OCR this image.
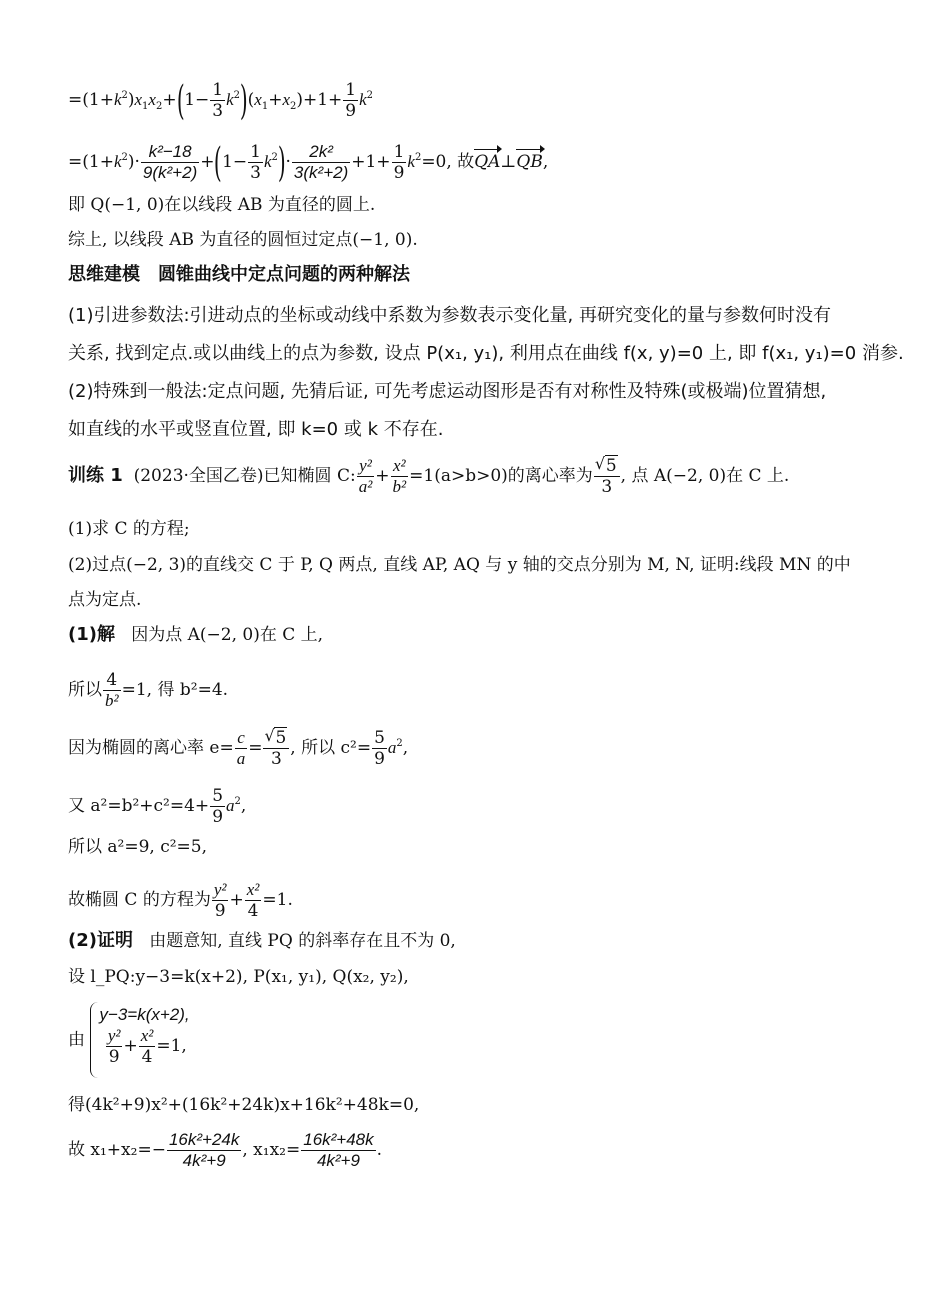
$=(1+k^2)x_1x_2+(1- \frac{1}{3} k^2)(x_1+x_2)+1+ \frac{1}{9} k^2$
$=(1+k^2)\cdot \frac{\text{k²−18}}{\text{9(k²+2)}} +(1- \frac{1}{3} k^2)\cdot \frac{\text{2k²}}{\text{3(k²+2)}} +1+ \frac{1}{9} k^2=0$, 故QA⊥QB,
即 Q(−1, 0)在以线段 AB 为直径的圆上.
综上, 以线段 AB 为直径的圆恒过定点(−1, 0).
思维建模　圆锥曲线中定点问题的两种解法
(1)引进参数法:引进动点的坐标或动线中系数为参数表示变化量, 再研究变化的量与参数何时没有
关系, 找到定点.或以曲线上的点为参数, 设点 P(x₁, y₁), 利用点在曲线 f(x, y)=0 上, 即 f(x₁, y₁)=0 消参.
(2)特殊到一般法:定点问题, 先猜后证, 可先考虑运动图形是否有对称性及特殊(或极端)位置猜想,
如直线的水平或竖直位置, 即 k=0 或 k 不存在.
训练 1 (2023·全国乙卷)已知椭圆 C: $\frac{\text{y²}}{\text{a²}} + \frac{\text{x²}}{\text{b²}} =1(a>b>0)$的离心率为 √ $\frac{5}{3}$ , 点 A(−2, 0)在 C 上.
(1)求 C 的方程;
(2)过点(−2, 3)的直线交 C 于 P, Q 两点, 直线 AP, AQ 与 y 轴的交点分别为 M, N, 证明:线段 MN 的中
点为定点.
(1)解 因为点 A(−2, 0)在 C 上,
所以 $\frac{4}{\text{b²}} =1$, 得 b²=4.
因为椭圆的离心率 $e= \frac{c}{a}$ = √ $\frac{5}{3}$ , 所以 $c^2= \frac{5}{9} a^2$,
又 $a^2=b^2+c^2=4+ \frac{5}{9} a^2$,
所以 a²=9, c²=5,
故椭圆 C 的方程为 $\frac{\text{y²}}{9} + \frac{\text{x²}}{4} =1$.
(2)证明 由题意知, 直线 PQ 的斜率存在且不为 0,
设 l_PQ:y−3=k(x+2), P(x₁, y₁), Q(x₂, y₂),
由
y−3=k(x+2),

$\frac{\text{y²}}{9} + \frac{\text{x²}}{4} =1$,
得(4k²+9)x²+(16k²+24k)x+16k²+48k=0,
故 $x_1+x_2=- \frac{\text{16k²+24k}}{\text{4k²+9}}$ , $x_1x_2= \frac{\text{16k²+48k}}{\text{4k²+9}}$ .
